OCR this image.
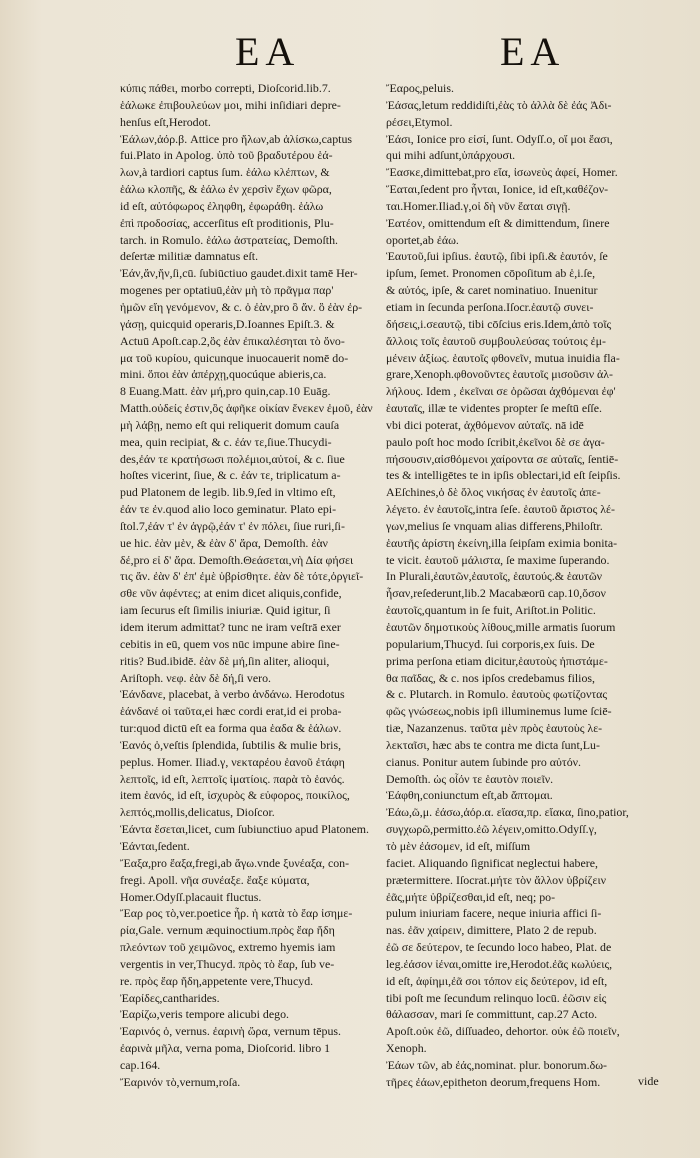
EA	EA
κύπις πάθει, morbo correpti, Dioſcorid.lib.7.
ἑάλωκε ἐπιβουλεύων μοι, mihi inſidiari depre-
henſus eſt,Herodot.
Ἑάλων,ἀόρ.β. Attice pro ἥλων,ab ἁλίσκω,captus
fui.Plato in Apolog. ὑπὸ τοῦ βραδυτέρου ἑά-
λων,à tardiori captus ſum. ἑάλω κλέπτων, &
ἑάλω κλοπῆς, & ἑάλω ἐν χερσὶν ἔχων φῶρα,
id eſt, αὐτόφωρος ἐληφθη, ἐφωράθη. ἑάλω
ἐπὶ προδοσίας, accerſitus eſt proditionis, Plu-
tarch. in Romulo. ἑάλω ἀστρατείας, Demoſth.
deſertæ militiæ damnatus eſt.
Ἐάν,ἄν,ἤν,ſi,cū. ſubiūctiuo gaudet.dixit tamē Her-
mogenes per optatiuū,ἐὰν μὴ τὸ πρᾶγμα παρ'
ἡμῶν εἴη γενόμενον, & c. ὁ ἐὰν,pro ὃ ἄν. ὃ ἐὰν ἐρ-
γάσῃ, quicquid operaris,D.Ioannes Epiſt.3. &
Actuū Apoſt.cap.2,ὃς ἐὰν ἐπικαλέσηται τὸ ὄνο-
μα τοῦ κυρίου, quicunque inuocauerit nomē do-
mini. ὅποι ἐὰν ἀπέρχῃ,quocúque abieris,ca.
8 Euang.Matt. ἐὰν μή,pro quin,cap.10 Euāg.
Matth.οὐδείς ἐστιν,ὃς ἀφῆκε οἰκίαν ἕνεκεν ἐμοῦ, ἐὰν
μὴ λάβῃ, nemo eſt qui reliquerit domum cauſa
mea, quin recipiat, & c. ἐάν τε,ſiue.Thucydi-
des,ἐάν τε κρατήσωσι πολέμιοι,αὐτοί, & c. ſiue
hoſtes vicerint, ſiue, & c. ἐάν τε, triplicatum a-
pud Platonem de legib. lib.9,ſed in vltimo eſt,
ἐάν τε ἐν.quod alio loco geminatur. Plato epi-
ſtol.7,ἐάν τ' ἐν ἀγρῷ,ἐάν τ' ἐν πόλει, ſiue ruri,ſi-
ue hic. ἐὰν μὲν, & ἐὰν δ' ἄρα, Demoſth. ἐὰν
δέ,pro εἰ δ' ἄρα. Demoſth.Θεάσεται,νὴ Δία φήσει
τις ἄν. ἐὰν δ' ἐπ' ἐμὲ ὑβρίσθητε. ἐὰν δὲ τότε,ὀργιεῖ-
σθε νῦν ἀφέντες; at enim dicet aliquis,confide,
iam ſecurus eſt ſimilis iniuriæ. Quid igitur, ſi
idem iterum admittat? tunc ne iram veſtrā exer
cebitis in eū, quem vos nūc impune abire ſine-
ritis? Bud.ibidē. ἐὰν δὲ μή,ſin aliter, alioqui,
Ariſtoph. νεφ. ἐὰν δὲ δή,ſi vero.
Ἑάνδανε, placebat, à verbo ἁνδάνω. Herodotus
ἑάνδανέ οἱ ταῦτα,ei hæc cordi erat,id ei proba-
tur:quod dictū eſt ea forma qua ἑαδα & ἑάλων.
Ἑανός ὁ,veſtis ſplendida, ſubtilis & mulie bris,
peplus. Homer. Iliad.γ, νεκταρέου ἑανοῦ ἐτάφη
λεπτοῖς, id eſt, λεπτοῖς ἱματίοις. παρὰ τὸ ἑανός.
item ἑανός, id eſt, ἰσχυρὸς & εὐφορος, ποικίλος,
λεπτός,mollis,delicatus, Dioſcor.
Ἑάντα ἕσεται,licet, cum ſubiunctiuo apud Platonem.
Ἑάνται,ſedent.
Ἔαξα,pro ἔαξα,fregi,ab ἄγω.vnde ξυνέαξα, con-
fregi. Apoll. νῆα συνέαξε. ἔαξε κύματα,
Homer.Odyſſ.placauit fluctus.
Ἔαρ ρος τὸ,ver.poetice ἦρ. ἡ κατὰ τὸ ἔαρ ἰσημε-
ρία,Gale. vernum æquinoctium.πρὸς ἔαρ ἤδη
πλεόντων τοῦ χειμῶνος, extremo hyemis iam
vergentis in ver,Thucyd. πρὸς τὸ ἔαρ, ſub ve-
re. πρὸς ἔαρ ἤδη,appetente vere,Thucyd.
Ἐαρίδες,cantharides.
Ἐαρίζω,veris tempore alicubi dego.
Ἐαρινός ὁ, vernus. ἐαρινὴ ὥρα, vernum tēpus.
ἐαρινὰ μῆλα, verna poma, Dioſcorid. libro 1
cap.164.
Ἔαρινόν τὸ,vernum,roſa.
Ἔαρος,peluis.
Ἐάσας,letum reddidiſti,ἐὰς τὸ ἀλλὰ δὲ ἐάς Ἀδι-
ρέσει,Etymol.
Ἐάσι, Ionice pro εἰσί, ſunt. Odyſſ.ο, οἵ μοι ἔασι,
qui mihi adſunt,ὑπάρχουσι.
Ἔασκε,dimittebat,pro εἴα, ἰσωνεὺς ἀφεί, Homer.
Ἕαται,ſedent pro ἧνται, Ionice, id eſt,καθέζον-
ται.Homer.Iliad.γ,οἱ δὴ νῦν ἕαται σιγῇ.
Ἐατέον, omittendum eſt & dimittendum, ſinere
oportet,ab ἐάω.
Ἑαυτοῦ,ſui ipſius. ἑαυτῷ, ſibi ipſi.& ἑαυτόν, ſe
ipſum, ſemet. Pronomen cōpoſitum ab ἑ,i.ſe,
& αὐτός, ipſe, & caret nominatiuo. Inuenitur
etiam in ſecunda perſona.Iſocr.ἑαυτῷ συνει-
δήσεις,i.σεαυτῷ, tibi cōſcius eris.Idem,ἀπὸ τοῖς
ἄλλοις τοῖς ἑαυτοῦ συμβουλεύσας τούτοις ἐμ-
μένειν ἀξίως. ἑαυτοῖς φθονεῖν, mutua inuidia fla-
grare,Xenoph.φθονοῦντες ἑαυτοῖς μισοῦσιν ἀλ-
λήλους. Idem , ἐκεῖναι σε ὁρῶσαι ἀχθόμεναι ἐφ'
ἑαυταῖς, illæ te videntes propter ſe meſtū eſſe.
vbi dici poterat, ἀχθόμενον αὐταῖς. nā idē
paulo poſt hoc modo ſcribit,ἐκεῖνοι δὲ σε ἀγα-
πήσουσιν,αἰσθόμενοι χαίροντα σε αὐταῖς, ſentiē-
tes & intelligētes te in ipſis oblectari,id eſt ſeipſis.
AEſchines,ὁ δὲ ὅλος νικήσας ἐν ἑαυτοῖς ἀπε-
λέγετο. ἐν ἑαυτοῖς,intra ſeſe. ἑαυτοῦ ἄριστος λέ-
γων,melius ſe vnquam alias differens,Philoſtr.
ἑαυτῆς ἀρίστη ἐκείνη,illa ſeipſam eximia bonita-
te vicit. ἑαυτοῦ μάλιστα, ſe maxime ſuperando.
In Plurali,ἑαυτῶν,ἑαυτοῖς, ἑαυτούς.& ἑαυτῶν
ἦσαν,reſederunt,lib.2 Macabæorū cap.10,ὅσον
ἑαυτοῖς,quantum in ſe fuit, Ariſtot.in Politic.
ἑαυτῶν δημοτικοὺς λίθους,mille armatis ſuorum
popularium,Thucyd. ſui corporis,ex ſuis. De
prima perſona etiam dicitur,ἑαυτοὺς ἠπιστάμε-
θα παῖδας, & c. nos ipſos credebamus filios,
& c. Plutarch. in Romulo. ἑαυτοὺς φωτίζοντας
φῶς γνώσεως,nobis ipſi illuminemus lume ſciē-
tiæ, Nazanzenus. ταῦτα μὲν πρὸς ἑαυτοὺς λε-
λεκταῖσι, hæc abs te contra me dicta ſunt,Lu-
cianus. Ponitur autem ſubinde pro αὐτόν.
Demoſth. ὡς οἷόν τε ἑαυτὸν ποιεῖν.
Ἑάφθη,coniunctum eſt,ab ἅπτομαι.
Ἐάω,ῶ,μ. ἐάσω,ἀόρ.α. εἴασα,πρ. εἴακα, ſino,patior,
συγχωρῶ,permitto.ἐῶ λέγειν,omitto.Odyſſ.γ,
τὸ μὲν ἐάσομεν, id eſt, miſſum
faciet. Aliquando ſignificat neglectui habere,
prætermittere. Iſocrat.μήτε τὸν ἄλλον ὑβρίζειν
ἐᾶς,μήτε ὑβρίζεσθαι,id eſt, neq; po-
pulum iniuriam facere, neque iniuria affici ſi-
nas. ἐᾶν χαίρειν, dimittere, Plato 2 de repub.
ἐῶ σε δεύτερον, te ſecundo loco habeo, Plat. de
leg.ἐάσον ἰέναι,omitte ire,Herodot.ἐᾶς κωλύεις,
id eſt, ἀφίημι,ἐᾶ σοι τόπον εἰς δεύτερον, id eſt,
tibi poſt me ſecundum relinquo locū. ἐῶσιν εἰς
θάλασσαν, mari ſe committunt, cap.27 Acto.
Apoſt.οὐκ ἐῶ, diſſuadeo, dehortor. οὐκ ἐῶ ποιεῖν,
Xenoph.
Ἐάων τῶν, ab ἐάς,nominat. plur. bonorum.δω-
τῆρες ἐάων,epitheton deorum,frequens Hom.	vide
